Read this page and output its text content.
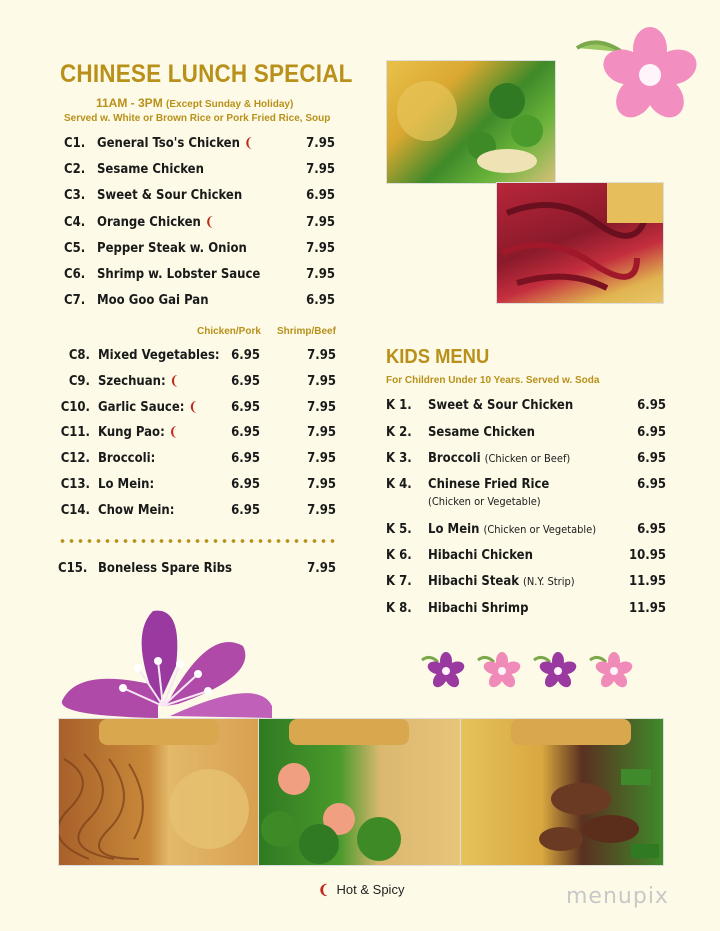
CHINESE LUNCH SPECIAL
11AM - 3PM (Except Sunday & Holiday)
Served w. White or Brown Rice or Pork Fried Rice, Soup
C1. General Tso's Chicken ❨	7.95
C2. Sesame Chicken	7.95
C3. Sweet & Sour Chicken	6.95
C4. Orange Chicken ❨	7.95
C5. Pepper Steak w. Onion	7.95
C6. Shrimp w. Lobster Sauce	7.95
C7. Moo Goo Gai Pan	6.95
Chicken/Pork Shrimp/Beef
C8. Mixed Vegetables: 6.95	7.95
C9. Szechuan: ❨	6.95	7.95
C10. Garlic Sauce: ❨	6.95	7.95
C11. Kung Pao: ❨	6.95	7.95
C12. Broccoli:	6.95	7.95
C13. Lo Mein:	6.95	7.95
C14. Chow Mein:	6.95	7.95
C15. Boneless Spare Ribs	7.95
KIDS MENU
For Children Under 10 Years. Served w. Soda
K 1. Sweet & Sour Chicken	6.95
K 2. Sesame Chicken	6.95
K 3. Broccoli (Chicken or Beef)	6.95
K 4. Chinese Fried Rice	6.95
(Chicken or Vegetable)
K 5. Lo Mein (Chicken or Vegetable)	6.95
K 6. Hibachi Chicken	10.95
K 7. Hibachi Steak (N.Y. Strip)	11.95
K 8. Hibachi Shrimp	11.95
❨ Hot & Spicy	menupix
